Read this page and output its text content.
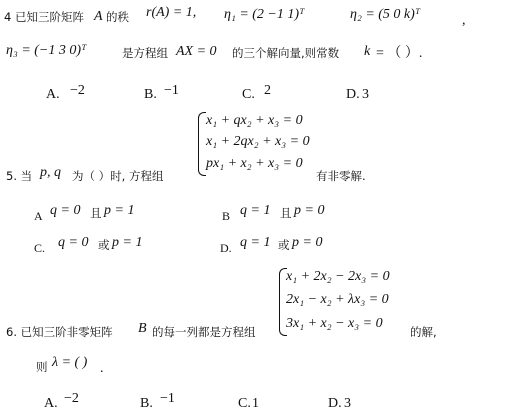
4 已知三阶矩阵 A 的秩 r(A) = 1, η₁ = (2 −1 1)ᵀ	η₂ = (5 0 k)ᵀ	,
η₃ = (−1 3 0)ᵀ	是方程组 AX = 0 的三个解向量,则常数 k = （ ）.
A. −2	B. −1	C. 2	D. 3
x₁ + qx₂ + x₃ = 0
x₁ + 2qx₂ + x₃ = 0
px₁ + x₂ + x₃ = 0
5. 当 p, q 为（ ）时, 方程组	有非零解.
A q = 0 且 p = 1	B q = 1 且 p = 0
C. q = 0 或 p = 1	D. q = 1 或 p = 0
x₁ + 2x₂ − 2x₃ = 0
2x₁ − x₂ + λx₃ = 0
3x₁ + x₂ − x₃ = 0
6. 已知三阶非零矩阵 B 的每一列都是方程组	的解,
则 λ = ( ) .
A. −2	B. −1	C. 1	D. 3
